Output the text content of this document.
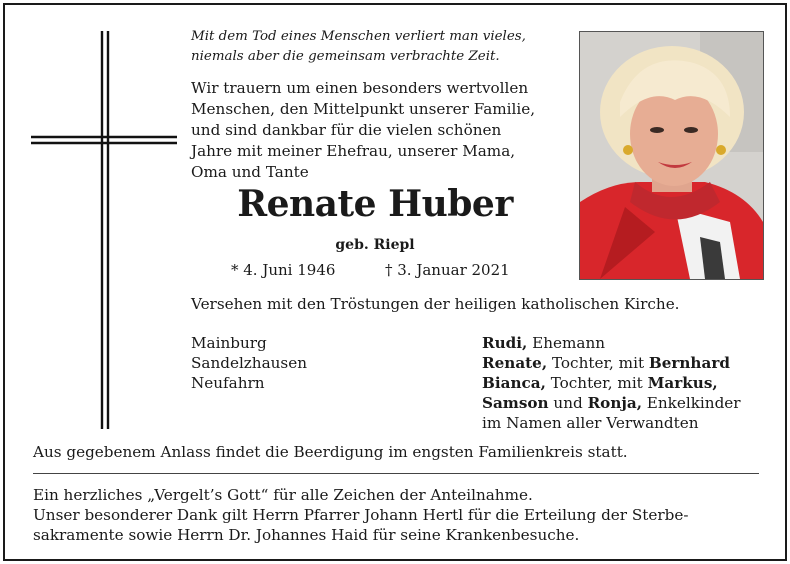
Mit dem Tod eines Menschen verliert man vieles,
niemals aber die gemeinsam verbrachte Zeit.
Wir trauern um einen besonders wertvollen
Menschen, den Mittelpunkt unserer Familie,
und sind dankbar für die vielen schönen
Jahre mit meiner Ehefrau, unserer Mama,
Oma und Tante
Renate Huber
geb. Riepl
* 4. Juni 1946	† 3. Januar 2021
Versehen mit den Tröstungen der heiligen katholischen Kirche.
Mainburg
Sandelzhausen
Neufahrn
Rudi, Ehemann
Renate, Tochter, mit Bernhard
Bianca, Tochter, mit Markus,
Samson und Ronja, Enkelkinder
im Namen aller Verwandten
Aus gegebenem Anlass findet die Beerdigung im engsten Familienkreis statt.
Ein herzliches „Vergelt’s Gott“ für alle Zeichen der Anteilnahme.
Unser besonderer Dank gilt Herrn Pfarrer Johann Hertl für die Erteilung der Sterbe-
sakramente sowie Herrn Dr. Johannes Haid für seine Krankenbesuche.
